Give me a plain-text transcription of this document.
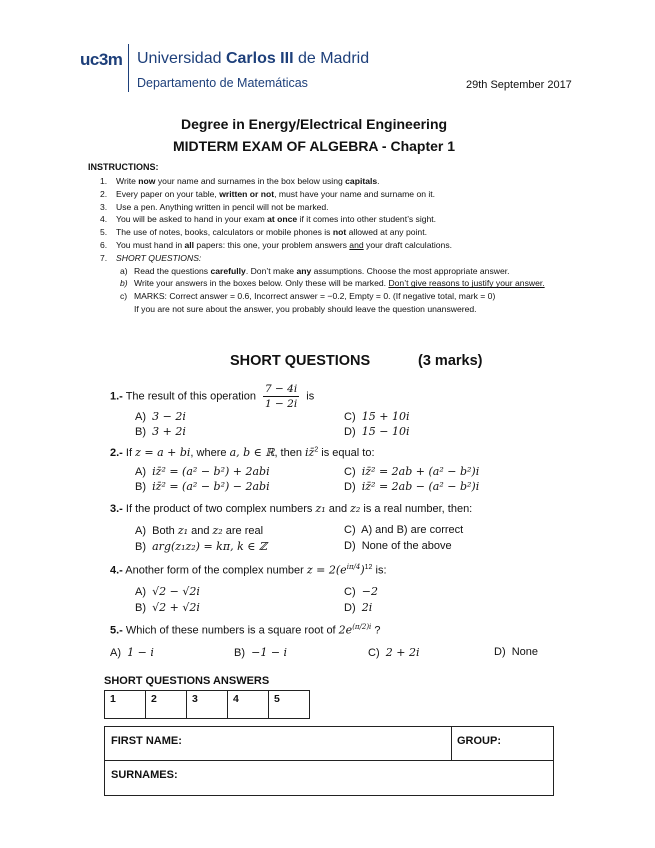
uc3m Universidad Carlos III de Madrid
Departamento de Matemáticas	29th September 2017
Degree in Energy/Electrical Engineering
MIDTERM EXAM OF ALGEBRA - Chapter 1
INSTRUCTIONS:
1. Write now your name and surnames in the box below using capitals.
2. Every paper on your table, written or not, must have your name and surname on it.
3. Use a pen. Anything written in pencil will not be marked.
4. You will be asked to hand in your exam at once if it comes into other student’s sight.
5. The use of notes, books, calculators or mobile phones is not allowed at any point.
6. You must hand in all papers: this one, your problem answers and your draft calculations.
7. SHORT QUESTIONS:
a) Read the questions carefully. Don’t make any assumptions. Choose the most appropriate answer.
b) Write your answers in the boxes below. Only these will be marked. Don’t give reasons to justify your answer.
c) MARKS: Correct answer = 0.6, Incorrect answer = −0.2, Empty = 0. (If negative total, mark = 0)
If you are not sure about the answer, you probably should leave the question unanswered.
SHORT QUESTIONS	(3 marks)
1.- The result of this operation $\frac{7 - 4i}{1 - 2i}$ is
A) 3 − 2i
B) 3 + 2i
C) 15 + 10i
D) 15 − 10i
2.- If z = a + bi, where a, b ∈ ℝ, then iz̄$^2$ is equal to:
A) iz̄² = (a² − b²) + 2abi
B) iz̄² = (a² − b²) − 2abi
C) iz̄² = 2ab + (a² − b²)i
D) iz̄² = 2ab − (a² − b²)i
3.- If the product of two complex numbers z₁ and z₂ is a real number, then:
A) Both z₁ and z₂ are real
B) arg(z₁z₂) = kπ, k ∈ ℤ
C) A) and B) are correct
D) None of the above
4.- Another form of the complex number $z = 2(e^{i\pi/4})^{12}$ is:
A) √2 − √2i
B) √2 + √2i
C) −2
D) 2i
5.- Which of these numbers is a square root of $2e^{(\pi/2)i}$ ?
A) 1 − i	B) −1 − i	C) 2 + 2i	D) None
SHORT QUESTIONS ANSWERS
1	2	3	4	5
FIRST NAME:	GROUP:
SURNAMES:
